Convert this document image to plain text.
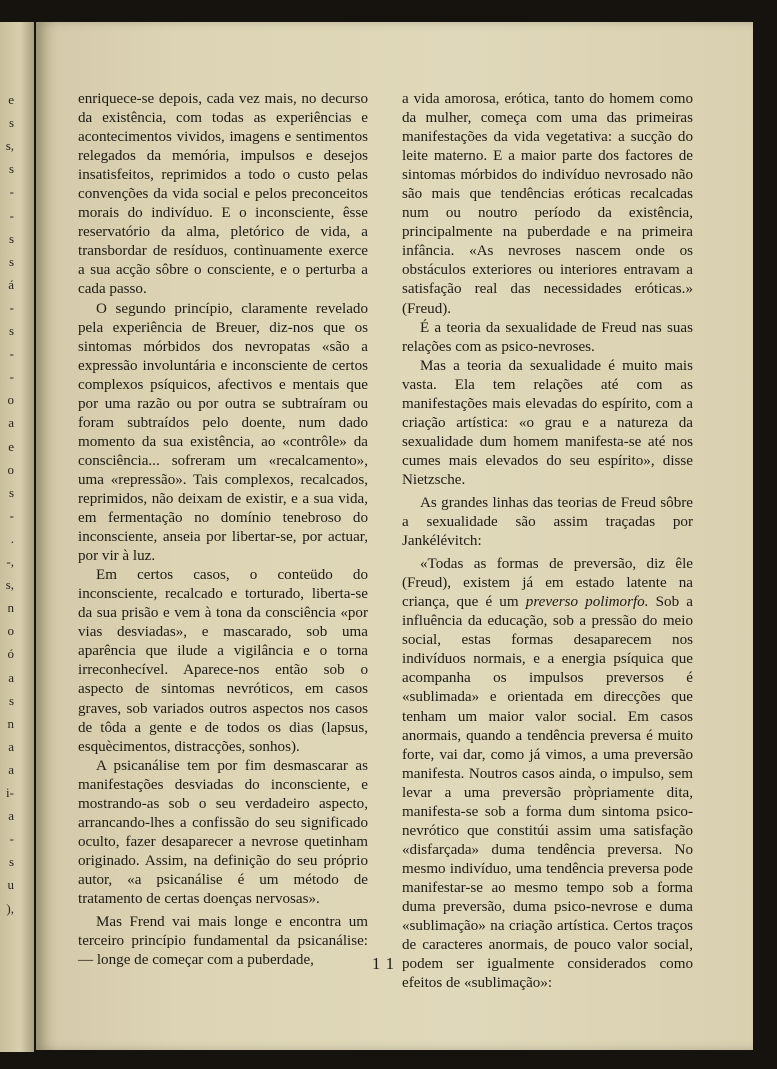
e
s
s,
s
-
-
s
s
á
-
s
-
-
o
a
e
o
s
-
.
-,
s,
n
o
ó
a
s
n
a
a
i-
a
-
s
u
),

enriquece-se depois, cada vez mais, no decurso da existência, com todas as experiências e acontecimentos vividos, imagens e sentimentos relegados da memória, impulsos e desejos insatisfeitos, reprimidos a todo o custo pelas convenções da vida social e pelos preconceitos morais do indivíduo. E o inconsciente, êsse reservatório da alma, pletórico de vida, a transbordar de resíduos, contìnuamente exerce a sua acção sôbre o consciente, e o perturba a cada passo.

O segundo princípio, claramente revelado pela experiência de Breuer, diz-nos que os sintomas mórbidos dos nevropatas «são a expressão involuntária e inconsciente de certos complexos psíquicos, afectivos e mentais que por uma razão ou por outra se subtraíram ou foram subtraídos pelo doente, num dado momento da sua existência, ao «contrôle» da consciência... sofreram um «recalcamento», uma «repressão». Tais complexos, recalcados, reprimidos, não deixam de existir, e a sua vida, em fermentação no domínio tenebroso do inconsciente, anseia por libertar-se, por actuar, por vir à luz.

Em certos casos, o conteüdo do inconsciente, recalcado e torturado, liberta-se da sua prisão e vem à tona da consciência «por vias desviadas», e mascarado, sob uma aparência que ilude a vigilância e o torna irreconhecível. Aparece-nos então sob o aspecto de sintomas nevróticos, em casos graves, sob variados outros aspectos nos casos de tôda a gente e de todos os dias (lapsus, esquècimentos, distracções, sonhos).

A psicanálise tem por fim desmascarar as manifestações desviadas do inconsciente, e mostrando-as sob o seu verdadeiro aspecto, arrancando-lhes a confissão do seu significado oculto, fazer desaparecer a nevrose quetinham originado. Assim, na definição do seu próprio autor, «a psicanálise é um método de tratamento de certas doenças nervosas».

Mas Frend vai mais longe e encontra um terceiro princípio fundamental da psicanálise: — longe de começar com a puberdade,

a vida amorosa, erótica, tanto do homem como da mulher, começa com uma das primeiras manifestações da vida vegetativa: a sucção do leite materno. E a maior parte dos factores de sintomas mórbidos do indivíduo nevrosado não são mais que tendências eróticas recalcadas num ou noutro período da existência, principalmente na puberdade e na primeira infância. «As nevroses nascem onde os obstáculos exteriores ou interiores entravam a satisfação real das necessidades eróticas.» (Freud).

É a teoria da sexualidade de Freud nas suas relações com as psico-nevroses.

Mas a teoria da sexualidade é muito mais vasta. Ela tem relações até com as manifestações mais elevadas do espírito, com a criação artística: «o grau e a natureza da sexualidade dum homem manifesta-se até nos cumes mais elevados do seu espírito», disse Nietzsche.

As grandes linhas das teorias de Freud sôbre a sexualidade são assim traçadas por Jankélévitch:

«Todas as formas de preversão, diz êle (Freud), existem já em estado latente na criança, que é um preverso polimorfo. Sob a influência da educação, sob a pressão do meio social, estas formas desaparecem nos indivíduos normais, e a energia psíquica que acompanha os impulsos preversos é «sublimada» e orientada em direcções que tenham um maior valor social. Em casos anormais, quando a tendência preversa é muito forte, vai dar, como já vimos, a uma preversão manifesta. Noutros casos ainda, o impulso, sem levar a uma preversão pròpriamente dita, manifesta-se sob a forma dum sintoma psico-nevrótico que constitúi assim uma satisfação «disfarçada» duma tendência preversa. No mesmo indivíduo, uma tendência preversa pode manifestar-se ao mesmo tempo sob a forma duma preversão, duma psico-nevrose e duma «sublimação» na criação artística. Certos traços de caracteres anormais, de pouco valor social, podem ser igualmente considerados como efeitos de «sublimação»:

11
